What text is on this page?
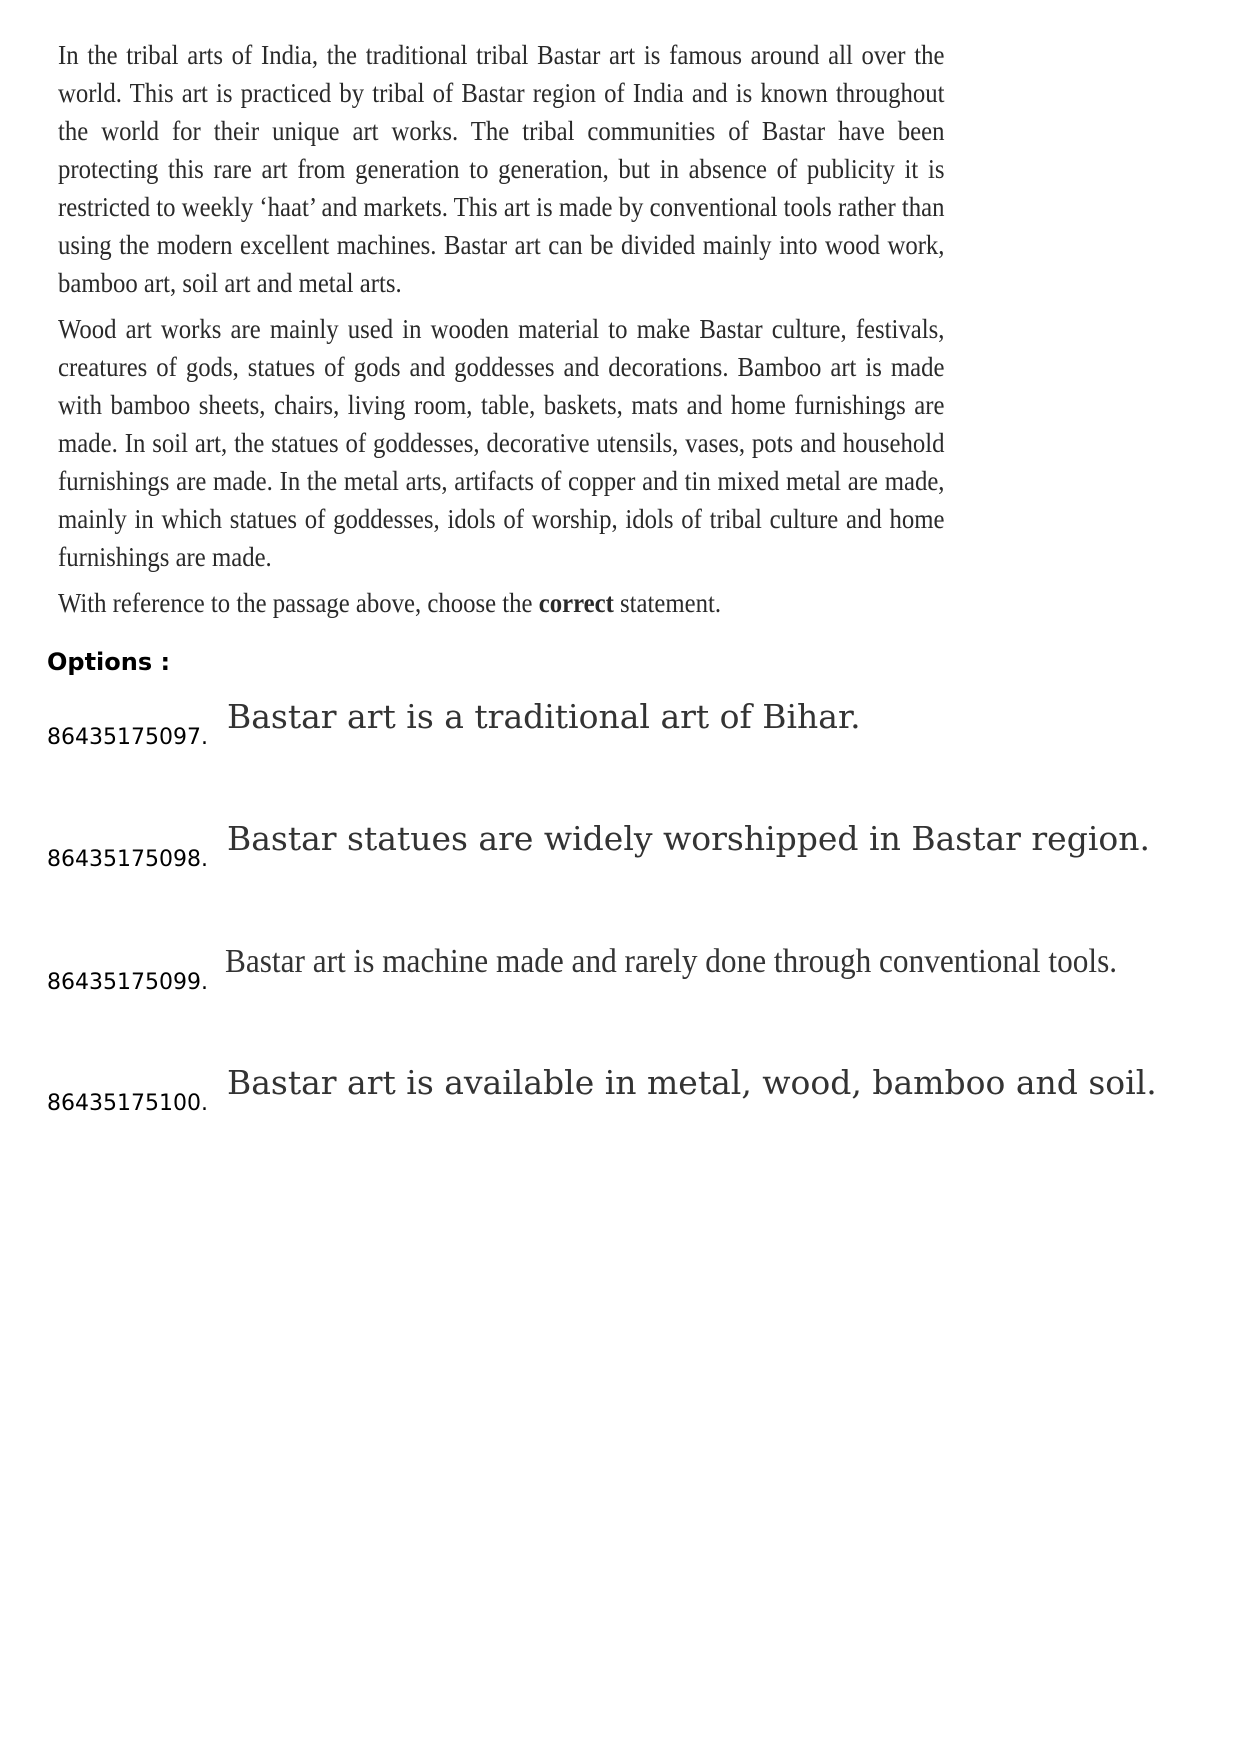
In the tribal arts of India, the traditional tribal Bastar art is famous around all over the world. This art is practiced by tribal of Bastar region of India and is known throughout the world for their unique art works. The tribal communities of Bastar have been protecting this rare art from generation to generation, but in absence of publicity it is restricted to weekly ‘haat’ and markets. This art is made by conventional tools rather than using the modern excellent machines. Bastar art can be divided mainly into wood work, bamboo art, soil art and metal arts.

Wood art works are mainly used in wooden material to make Bastar culture, festivals, creatures of gods, statues of gods and goddesses and decorations. Bamboo art is made with bamboo sheets, chairs, living room, table, baskets, mats and home furnishings are made. In soil art, the statues of goddesses, decorative utensils, vases, pots and household furnishings are made. In the metal arts, artifacts of copper and tin mixed metal are made, mainly in which statues of goddesses, idols of worship, idols of tribal culture and home furnishings are made.

With reference to the passage above, choose the correct statement.

Options :
86435175097.
Bastar art is a traditional art of Bihar.
86435175098.
Bastar statues are widely worshipped in Bastar region.
86435175099.
Bastar art is machine made and rarely done through conventional tools.
86435175100.
Bastar art is available in metal, wood, bamboo and soil.
